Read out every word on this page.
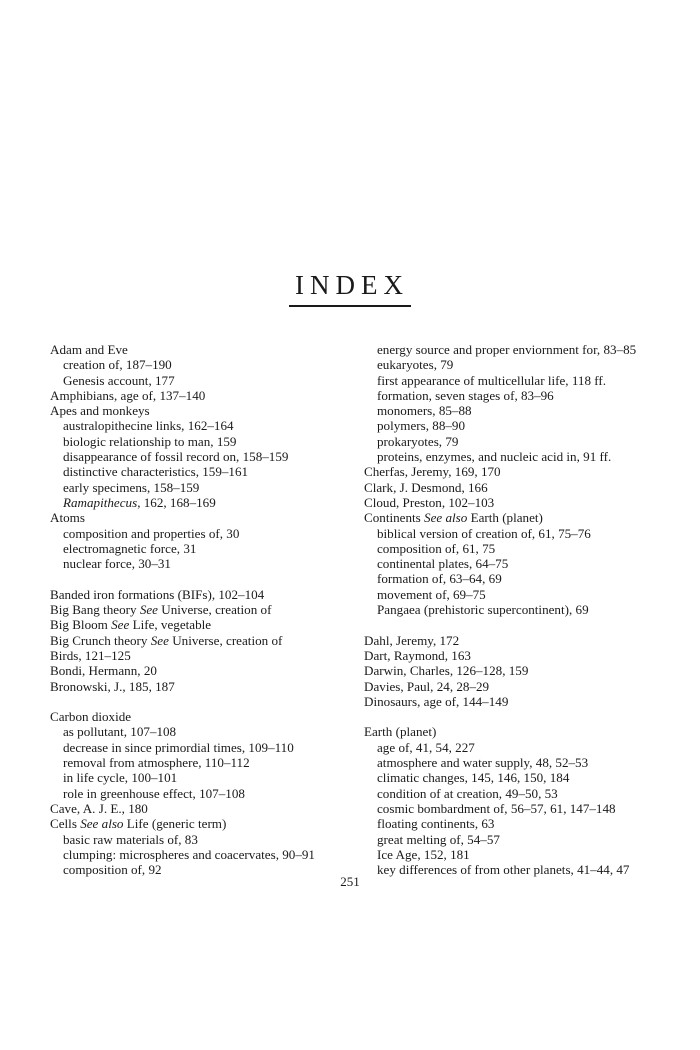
INDEX
Adam and Eve
creation of, 187–190
Genesis account, 177
Amphibians, age of, 137–140
Apes and monkeys
australopithecine links, 162–164
biologic relationship to man, 159
disappearance of fossil record on, 158–159
distinctive characteristics, 159–161
early specimens, 158–159
Ramapithecus, 162, 168–169
Atoms
composition and properties of, 30
electromagnetic force, 31
nuclear force, 30–31
Banded iron formations (BIFs), 102–104
Big Bang theory See Universe, creation of
Big Bloom See Life, vegetable
Big Crunch theory See Universe, creation of
Birds, 121–125
Bondi, Hermann, 20
Bronowski, J., 185, 187
Carbon dioxide
as pollutant, 107–108
decrease in since primordial times, 109–110
removal from atmosphere, 110–112
in life cycle, 100–101
role in greenhouse effect, 107–108
Cave, A. J. E., 180
Cells See also Life (generic term)
basic raw materials of, 83
clumping: microspheres and coacervates, 90–91
composition of, 92
energy source and proper enviornment for, 83–85
eukaryotes, 79
first appearance of multicellular life, 118 ff.
formation, seven stages of, 83–96
monomers, 85–88
polymers, 88–90
prokaryotes, 79
proteins, enzymes, and nucleic acid in, 91 ff.
Cherfas, Jeremy, 169, 170
Clark, J. Desmond, 166
Cloud, Preston, 102–103
Continents See also Earth (planet)
biblical version of creation of, 61, 75–76
composition of, 61, 75
continental plates, 64–75
formation of, 63–64, 69
movement of, 69–75
Pangaea (prehistoric supercontinent), 69
Dahl, Jeremy, 172
Dart, Raymond, 163
Darwin, Charles, 126–128, 159
Davies, Paul, 24, 28–29
Dinosaurs, age of, 144–149
Earth (planet)
age of, 41, 54, 227
atmosphere and water supply, 48, 52–53
climatic changes, 145, 146, 150, 184
condition of at creation, 49–50, 53
cosmic bombardment of, 56–57, 61, 147–148
floating continents, 63
great melting of, 54–57
Ice Age, 152, 181
key differences of from other planets, 41–44, 47
251
